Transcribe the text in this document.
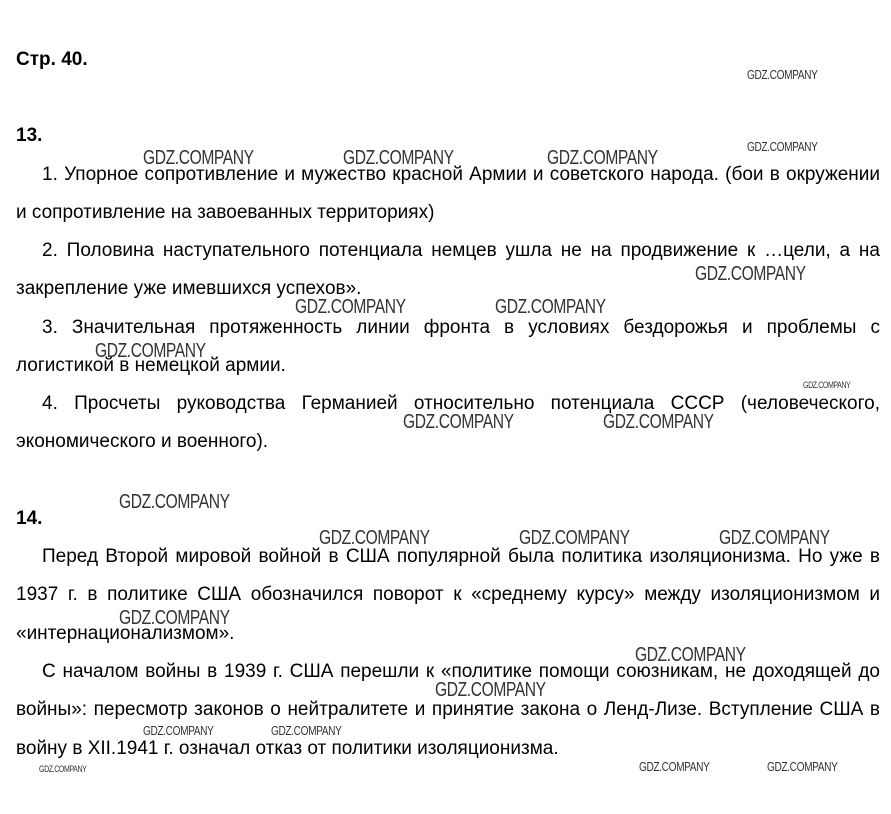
Стр. 40.

13.

1. Упорное сопротивление и мужество красной Армии и советского народа. (бои в окружении и сопротивление на завоеванных территориях)

2. Половина наступательного потенциала немцев ушла не на продвижение к …цели, а на закрепление уже имевшихся успехов».

3. Значительная протяженность линии фронта в условиях бездорожья и проблемы с логистикой в немецкой армии.

4. Просчеты руководства Германией относительно потенциала СССР (человеческого, экономического и военного).

14.

Перед Второй мировой войной в США популярной была политика изоляционизма. Но уже в 1937 г. в политике США обозначился поворот к «среднему курсу» между изоляционизмом и «интернационализмом».

С началом войны в 1939 г. США перешли к «политике помощи союзникам, не доходящей до войны»: пересмотр законов о нейтралитете и принятие закона о Ленд-Лизе. Вступление США в войну в XII.1941 г. означал отказ от политики изоляционизма.

GDZ.COMPANY
GDZ.COMPANY
GDZ.COMPANY	GDZ.COMPANY	GDZ.COMPANY
GDZ.COMPANY
GDZ.COMPANY	GDZ.COMPANY
GDZ.COMPANY
GDZ.COMPANY
GDZ.COMPANY	GDZ.COMPANY
GDZ.COMPANY
GDZ.COMPANY	GDZ.COMPANY	GDZ.COMPANY
GDZ.COMPANY
GDZ.COMPANY
GDZ.COMPANY
GDZ.COMPANY	GDZ.COMPANY
GDZ.COMPANY	GDZ.COMPANY
GDZ.COMPANY
